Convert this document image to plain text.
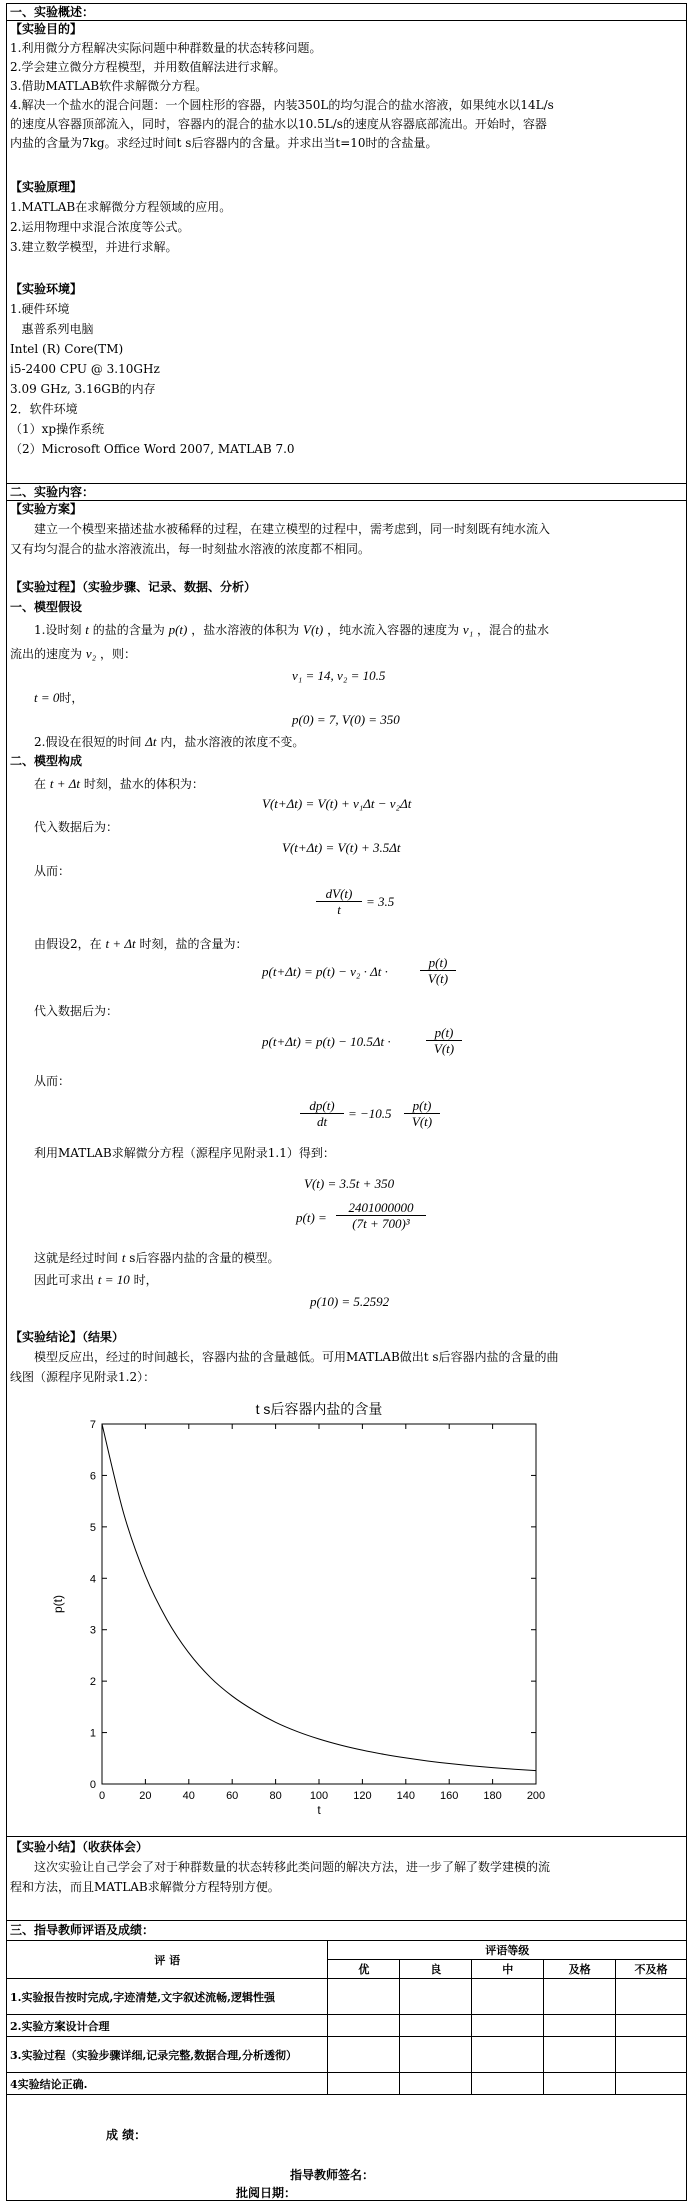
一、实验概述：
【实验目的】
1.利用微分方程解决实际问题中种群数量的状态转移问题。
2.学会建立微分方程模型，并用数值解法进行求解。
3.借助MATLAB软件求解微分方程。
4.解决一个盐水的混合问题：一个圆柱形的容器，内装350L的均匀混合的盐水溶液，如果纯水以14L/s
的速度从容器顶部流入，同时，容器内的混合的盐水以10.5L/s的速度从容器底部流出。开始时，容器
内盐的含量为7kg。求经过时间t s后容器内的含量。并求出当t=10时的含盐量。
【实验原理】
1.MATLAB在求解微分方程领域的应用。
2.运用物理中求混合浓度等公式。
3.建立数学模型，并进行求解。
【实验环境】
1.硬件环境
惠普系列电脑
Intel (R) Core(TM)
i5-2400 CPU @ 3.10GHz
3.09 GHz, 3.16GB的内存
2．软件环境
（1）xp操作系统
（2）Microsoft Office Word 2007, MATLAB 7.0
二、实验内容：
【实验方案】
建立一个模型来描述盐水被稀释的过程，在建立模型的过程中，需考虑到，同一时刻既有纯水流入
又有均匀混合的盐水溶液流出，每一时刻盐水溶液的浓度都不相同。
【实验过程】（实验步骤、记录、数据、分析）
一、模型假设
1.设时刻 t 的盐的含量为 p(t) ，盐水溶液的体积为 V(t) ，纯水流入容器的速度为 v₁ ，混合的盐水
流出的速度为 v₂ ，则：
v₁ = 14, v₂ = 10.5
t = 0时，
p(0) = 7, V(0) = 350
2.假设在很短的时间 Δt 内，盐水溶液的浓度不变。
二、模型构成
在 t + Δt 时刻，盐水的体积为：
V(t+Δt) = V(t) + v₁Δt − v₂Δt
代入数据后为：
V(t+Δt) = V(t) + 3.5Δt
从而：
$\frac{dV(t)}{t} = 3.5$
由假设2，在 t + Δt 时刻，盐的含量为：
$p(t+\Delta t) = p(t) - v_2 \cdot \Delta t \cdot \frac{p(t)}{V(t)}$
代入数据后为：
p(t+Δt) = p(t) − 10.5Δt ·	$\frac{p(t)}{V(t)}$
从而：
$\frac{dp(t)}{dt} = -10.5 \frac{p(t)}{V(t)}$
利用MATLAB求解微分方程（源程序见附录1.1）得到：
V(t) = 3.5t + 350
$p(t) = \frac{2401000000}{\text{(7t + 700)³}}$
这就是经过时间 t s后容器内盐的含量的模型。
因此可求出 t = 10 时，
p(10) = 5.2592
【实验结论】（结果）
模型反应出，经过的时间越长，容器内盐的含量越低。可用MATLAB做出t s后容器内盐的含量的曲
线图（源程序见附录1.2）：
t s后容器内盐的含量
0	20	40	60	80	100 120 140 160 180 200
0
1
2
3
4
5
6
7
t
p(t)
【实验小结】（收获体会）
这次实验让自己学会了对于种群数量的状态转移此类问题的解决方法，进一步了解了数学建模的流
程和方法，而且MATLAB求解微分方程特别方便。
三、指导教师评语及成绩：
评 语	评语等级				
	优	良	中	及格	不及格
1.实验报告按时完成,字迹清楚,文字叙述流畅,逻辑性强					
2.实验方案设计合理					
3.实验过程（实验步骤详细,记录完整,数据合理,分析透彻）					
4实验结论正确.					
成 绩：
指导教师签名：
批阅日期：
